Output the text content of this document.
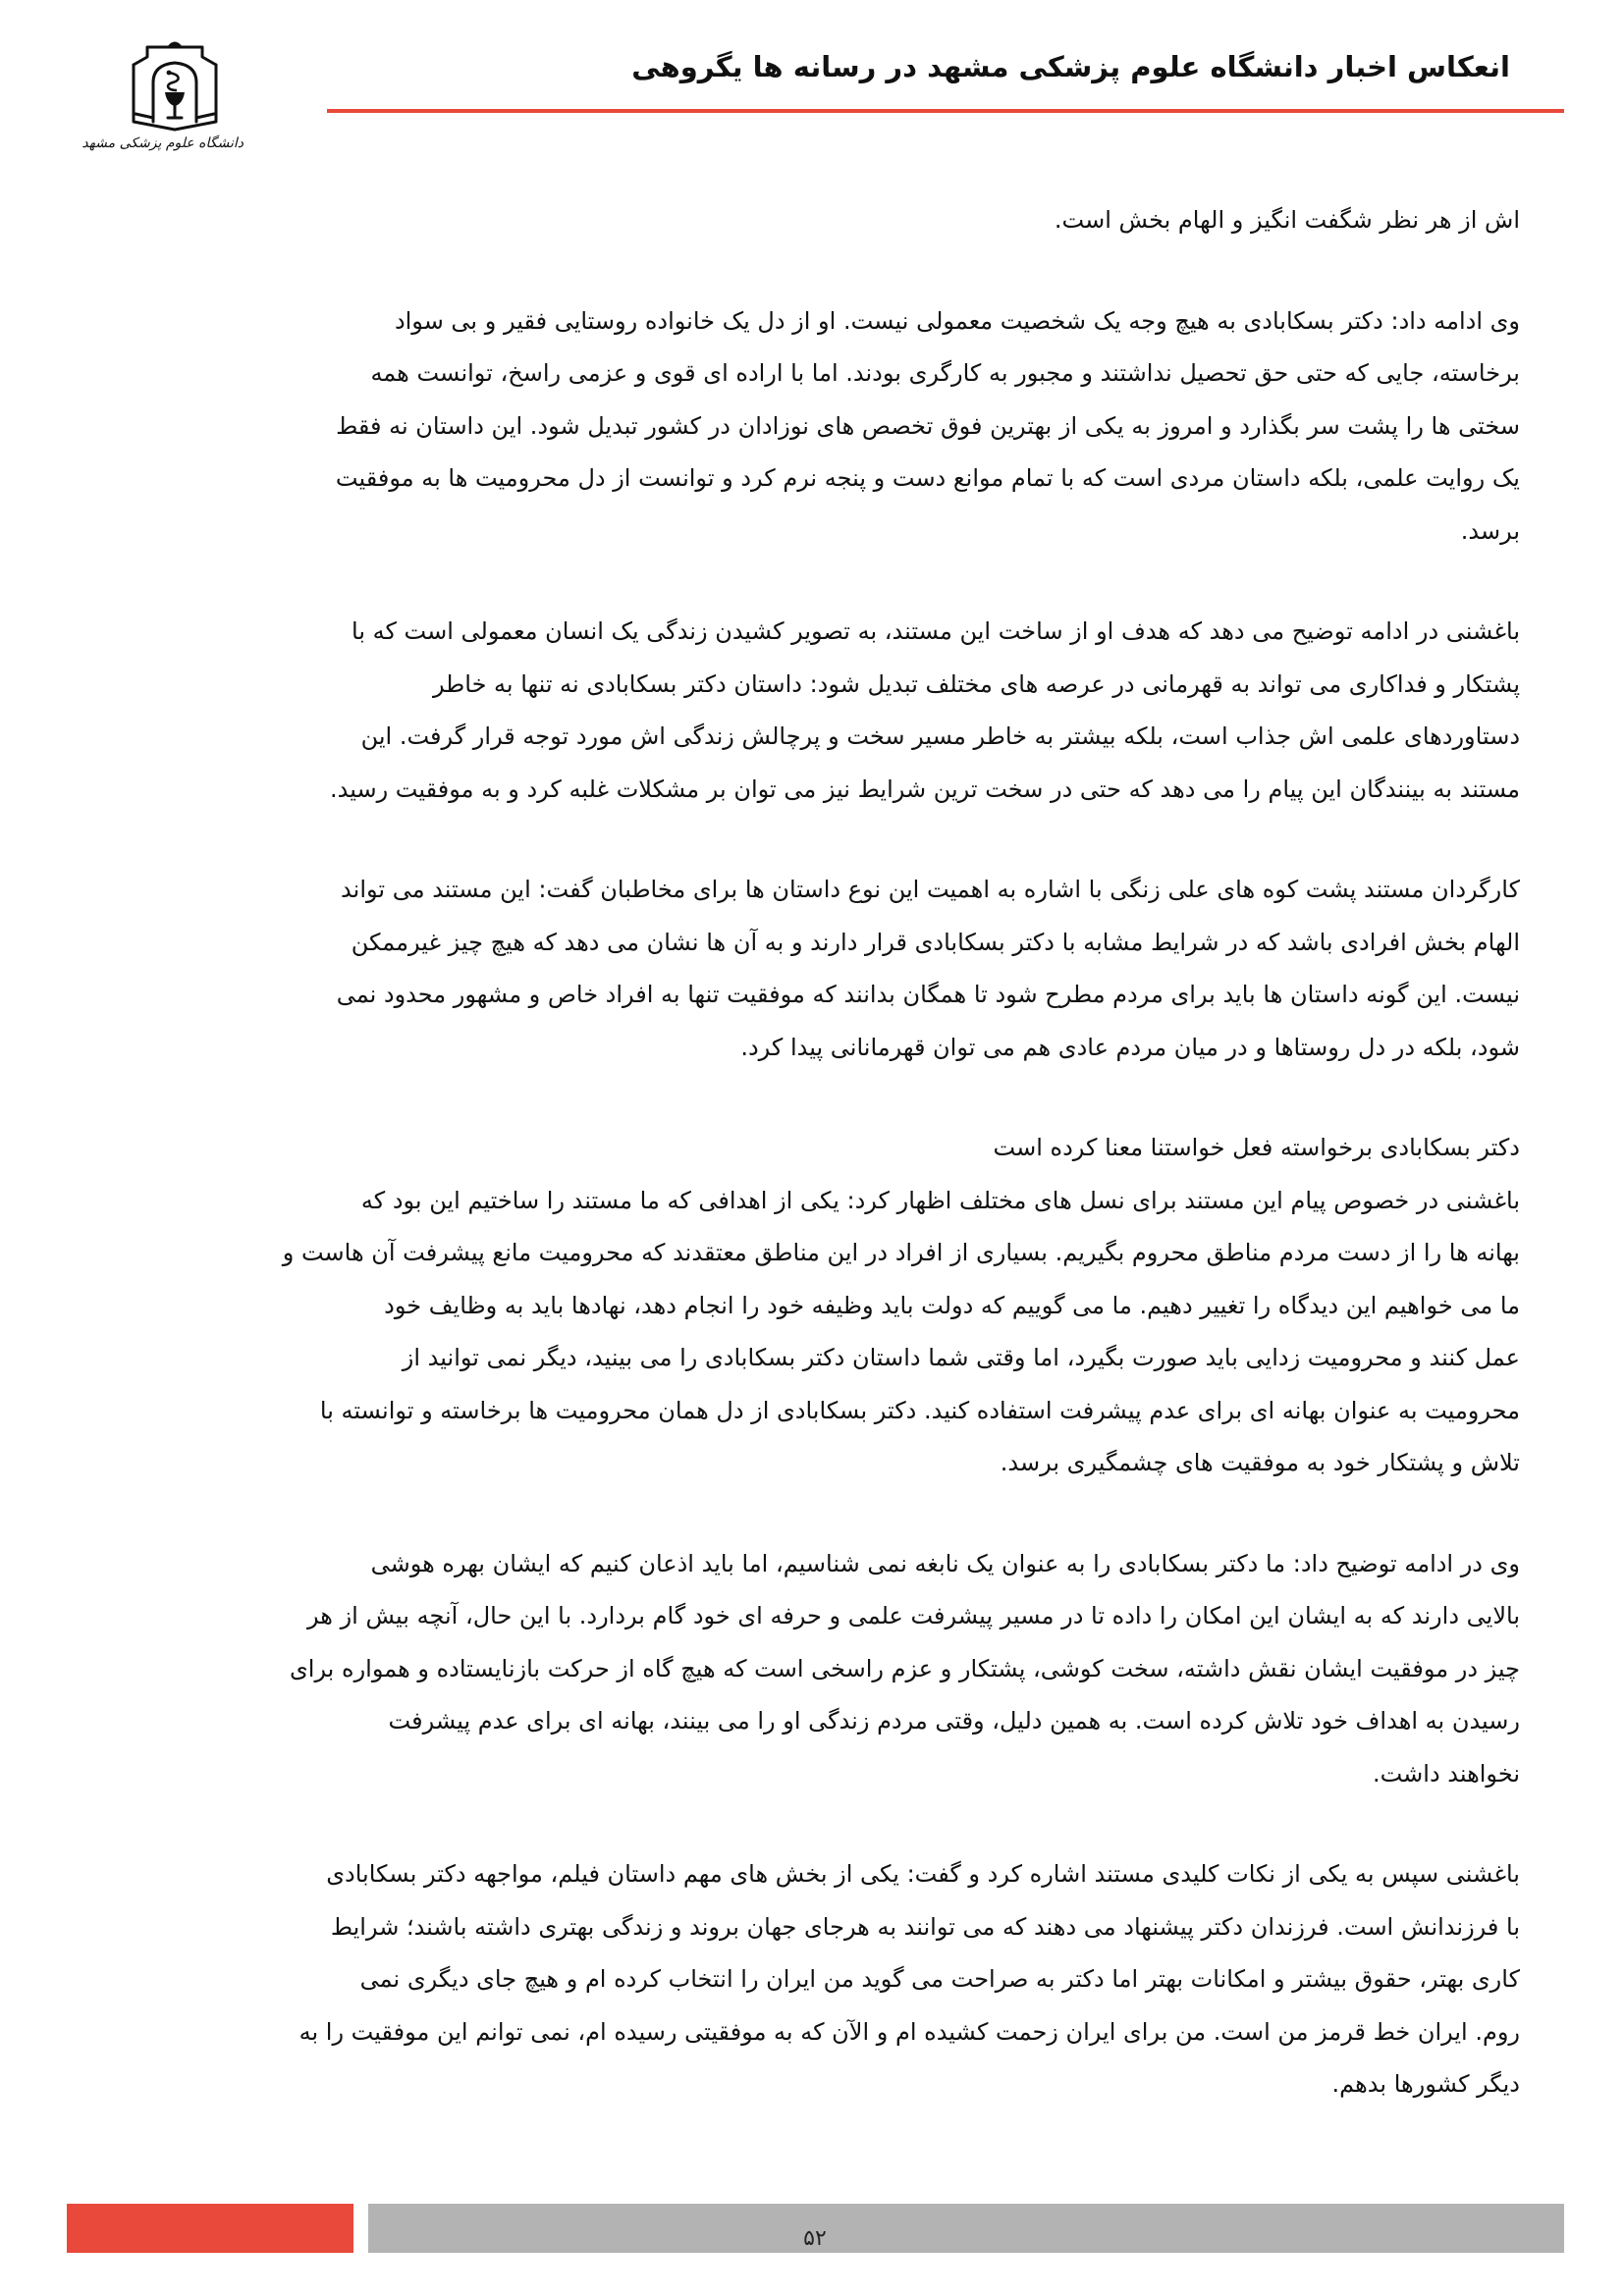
دانشگاه علوم پزشکی مشهد
انعکاس اخبار دانشگاه علوم پزشکی مشهد در رسانه ها یگروهی
اش از هر نظر شگفت انگیز و الهام بخش است.
وی ادامه داد: دکتر بسکابادی به هیچ وجه یک شخصیت معمولی نیست. او از دل یک خانواده روستایی فقیر و بی سواد
برخاسته، جایی که حتی حق تحصیل نداشتند و مجبور به کارگری بودند. اما با اراده ای قوی و عزمی راسخ، توانست همه
سختی ها را پشت سر بگذارد و امروز به یکی از بهترین فوق تخصص های نوزادان در کشور تبدیل شود. این داستان نه فقط
یک روایت علمی، بلکه داستان مردی است که با تمام موانع دست و پنجه نرم کرد و توانست از دل محرومیت ها به موفقیت
برسد.
باغشنی در ادامه توضیح می دهد که هدف او از ساخت این مستند، به تصویر کشیدن زندگی یک انسان معمولی است که با
پشتکار و فداکاری می تواند به قهرمانی در عرصه های مختلف تبدیل شود: داستان دکتر بسکابادی نه تنها به خاطر
دستاوردهای علمی اش جذاب است، بلکه بیشتر به خاطر مسیر سخت و پرچالش زندگی اش مورد توجه قرار گرفت. این
مستند به بینندگان این پیام را می دهد که حتی در سخت ترین شرایط نیز می توان بر مشکلات غلبه کرد و به موفقیت رسید.
کارگردان مستند پشت کوه های علی زنگی با اشاره به اهمیت این نوع داستان ها برای مخاطبان گفت: این مستند می تواند
الهام بخش افرادی باشد که در شرایط مشابه با دکتر بسکابادی قرار دارند و به آن ها نشان می دهد که هیچ چیز غیرممکن
نیست. این گونه داستان ها باید برای مردم مطرح شود تا همگان بدانند که موفقیت تنها به افراد خاص و مشهور محدود نمی
شود، بلکه در دل روستاها و در میان مردم عادی هم می توان قهرمانانی پیدا کرد.
دکتر بسکابادی برخواسته فعل خواستنا معنا کرده است
باغشنی در خصوص پیام این مستند برای نسل های مختلف اظهار کرد: یکی از اهدافی که ما مستند را ساختیم این بود که
بهانه ها را از دست مردم مناطق محروم بگیریم. بسیاری از افراد در این مناطق معتقدند که محرومیت مانع پیشرفت آن هاست و
ما می خواهیم این دیدگاه را تغییر دهیم. ما می گوییم که دولت باید وظیفه خود را انجام دهد، نهادها باید به وظایف خود
عمل کنند و محرومیت زدایی باید صورت بگیرد، اما وقتی شما داستان دکتر بسکابادی را می بینید، دیگر نمی توانید از
محرومیت به عنوان بهانه ای برای عدم پیشرفت استفاده کنید. دکتر بسکابادی از دل همان محرومیت ها برخاسته و توانسته با
تلاش و پشتکار خود به موفقیت های چشمگیری برسد.
وی در ادامه توضیح داد: ما دکتر بسکابادی را به عنوان یک نابغه نمی شناسیم، اما باید اذعان کنیم که ایشان بهره هوشی
بالایی دارند که به ایشان این امکان را داده تا در مسیر پیشرفت علمی و حرفه ای خود گام بردارد. با این حال، آنچه بیش از هر
چیز در موفقیت ایشان نقش داشته، سخت کوشی، پشتکار و عزم راسخی است که هیچ گاه از حرکت بازنایستاده و همواره برای
رسیدن به اهداف خود تلاش کرده است. به همین دلیل، وقتی مردم زندگی او را می بینند، بهانه ای برای عدم پیشرفت
نخواهند داشت.
باغشنی سپس به یکی از نکات کلیدی مستند اشاره کرد و گفت: یکی از بخش های مهم داستان فیلم، مواجهه دکتر بسکابادی
با فرزندانش است. فرزندان دکتر پیشنهاد می دهند که می توانند به هرجای جهان بروند و زندگی بهتری داشته باشند؛ شرایط
کاری بهتر، حقوق بیشتر و امکانات بهتر اما دکتر به صراحت می گوید من ایران را انتخاب کرده ام و هیچ جای دیگری نمی
روم. ایران خط قرمز من است. من برای ایران زحمت کشیده ام و الآن که به موفقیتی رسیده ام، نمی توانم این موفقیت را به
دیگر کشورها بدهم.
۵۲
